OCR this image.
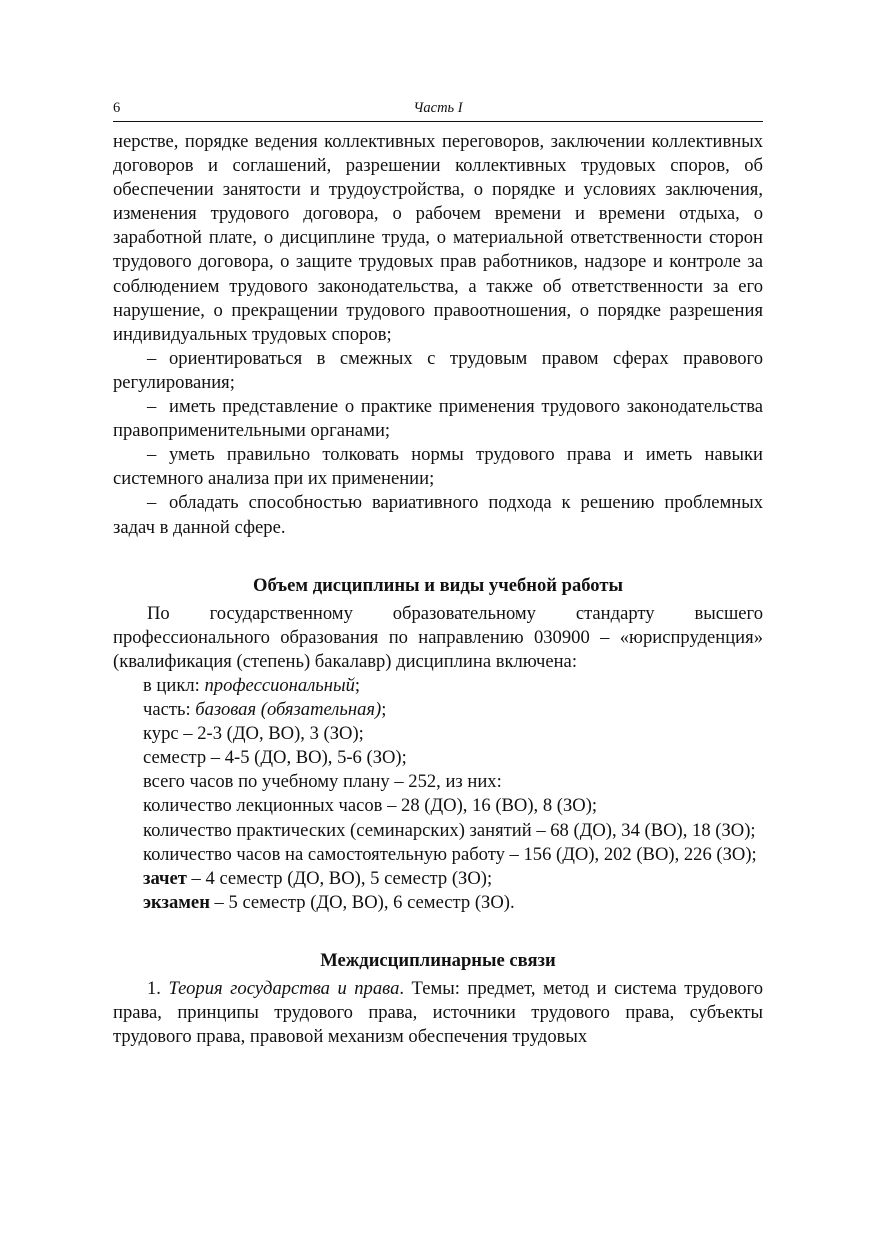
6	Часть I

нерстве, порядке ведения коллективных переговоров, заключении коллективных договоров и соглашений, разрешении коллективных трудовых споров, об обеспечении занятости и трудоустройства, о порядке и условиях заключения, изменения трудового договора, о рабочем времени и времени отдыха, о заработной плате, о дисциплине труда, о материальной ответственности сторон трудового договора, о защите трудовых прав работников, надзоре и контроле за соблюдением трудового законодательства, а также об ответственности за его нарушение, о прекращении трудового правоотношения, о порядке разрешения индивидуальных трудовых споров;

– ориентироваться в смежных с трудовым правом сферах правового регулирования;

– иметь представление о практике применения трудового законодательства правоприменительными органами;

– уметь правильно толковать нормы трудового права и иметь навыки системного анализа при их применении;

– обладать способностью вариативного подхода к решению проблемных задач в данной сфере.

Объем дисциплины и виды учебной работы

По государственному образовательному стандарту высшего профессионального образования по направлению 030900 – «юриспруденция» (квалификация (степень) бакалавр) дисциплина включена:

в цикл: профессиональный;

часть: базовая (обязательная);

курс – 2-3 (ДО, ВО), 3 (ЗО);

семестр – 4-5 (ДО, ВО), 5-6 (ЗО);

всего часов по учебному плану – 252, из них:

количество лекционных часов – 28 (ДО), 16 (ВО), 8 (ЗО);

количество практических (семинарских) занятий – 68 (ДО), 34 (ВО), 18 (ЗО);

количество часов на самостоятельную работу – 156 (ДО), 202 (ВО), 226 (ЗО);

зачет – 4 семестр (ДО, ВО), 5 семестр (ЗО);

экзамен – 5 семестр (ДО, ВО), 6 семестр (ЗО).

Междисциплинарные связи

1. Теория государства и права. Темы: предмет, метод и система трудового права, принципы трудового права, источники трудового права, субъекты трудового права, правовой механизм обеспечения трудовых
